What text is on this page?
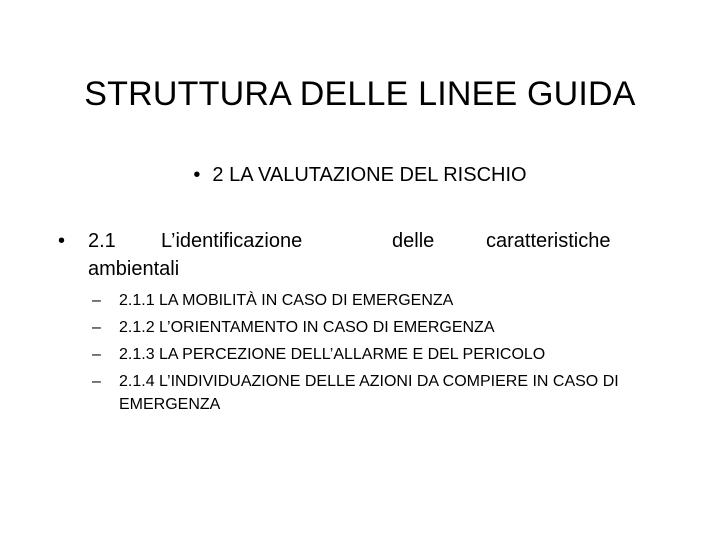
STRUTTURA DELLE LINEE GUIDA
• 2 LA VALUTAZIONE DEL RISCHIO
• 2.1 L’identificazione	delle	caratteristiche
ambientali
– 2.1.1 LA MOBILITÀ IN CASO DI EMERGENZA
– 2.1.2 L’ORIENTAMENTO IN CASO DI EMERGENZA
– 2.1.3 LA PERCEZIONE DELL’ALLARME E DEL PERICOLO
– 2.1.4 L’INDIVIDUAZIONE DELLE AZIONI DA COMPIERE IN CASO DI EMERGENZA
